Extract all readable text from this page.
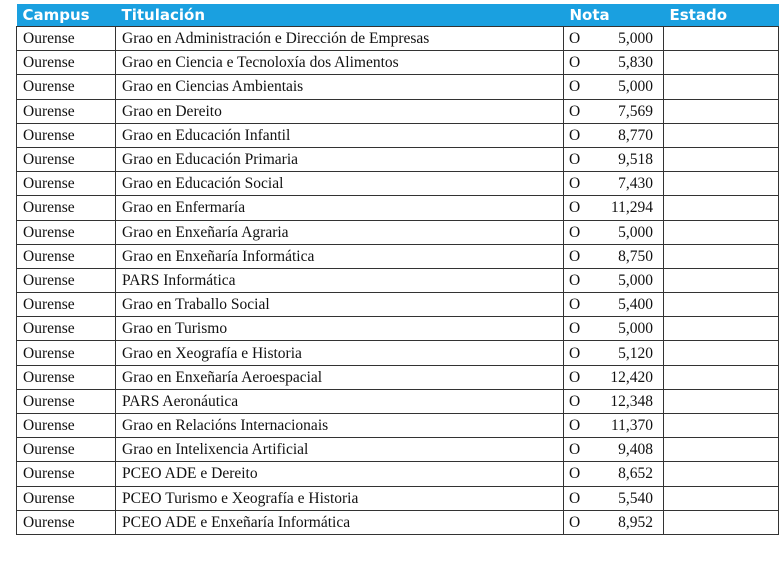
Campus	Titulación	Nota	Estado
Ourense	Grao en Administración e Dirección de Empresas	O 5,000	
Ourense	Grao en Ciencia e Tecnoloxía dos Alimentos	O 5,830	
Ourense	Grao en Ciencias Ambientais	O 5,000	
Ourense	Grao en Dereito	O 7,569	
Ourense	Grao en Educación Infantil	O 8,770	
Ourense	Grao en Educación Primaria	O 9,518	
Ourense	Grao en Educación Social	O 7,430	
Ourense	Grao en Enfermaría	O 11,294	
Ourense	Grao en Enxeñaría Agraria	O 5,000	
Ourense	Grao en Enxeñaría Informática	O 8,750	
Ourense	PARS Informática	O 5,000	
Ourense	Grao en Traballo Social	O 5,400	
Ourense	Grao en Turismo	O 5,000	
Ourense	Grao en Xeografía e Historia	O 5,120	
Ourense	Grao en Enxeñaría Aeroespacial	O 12,420	
Ourense	PARS Aeronáutica	O 12,348	
Ourense	Grao en Relacións Internacionais	O 11,370	
Ourense	Grao en Intelixencia Artificial	O 9,408	
Ourense	PCEO ADE e Dereito	O 8,652	
Ourense	PCEO Turismo e Xeografía e Historia	O 5,540	
Ourense	PCEO ADE e Enxeñaría Informática	O 8,952	
